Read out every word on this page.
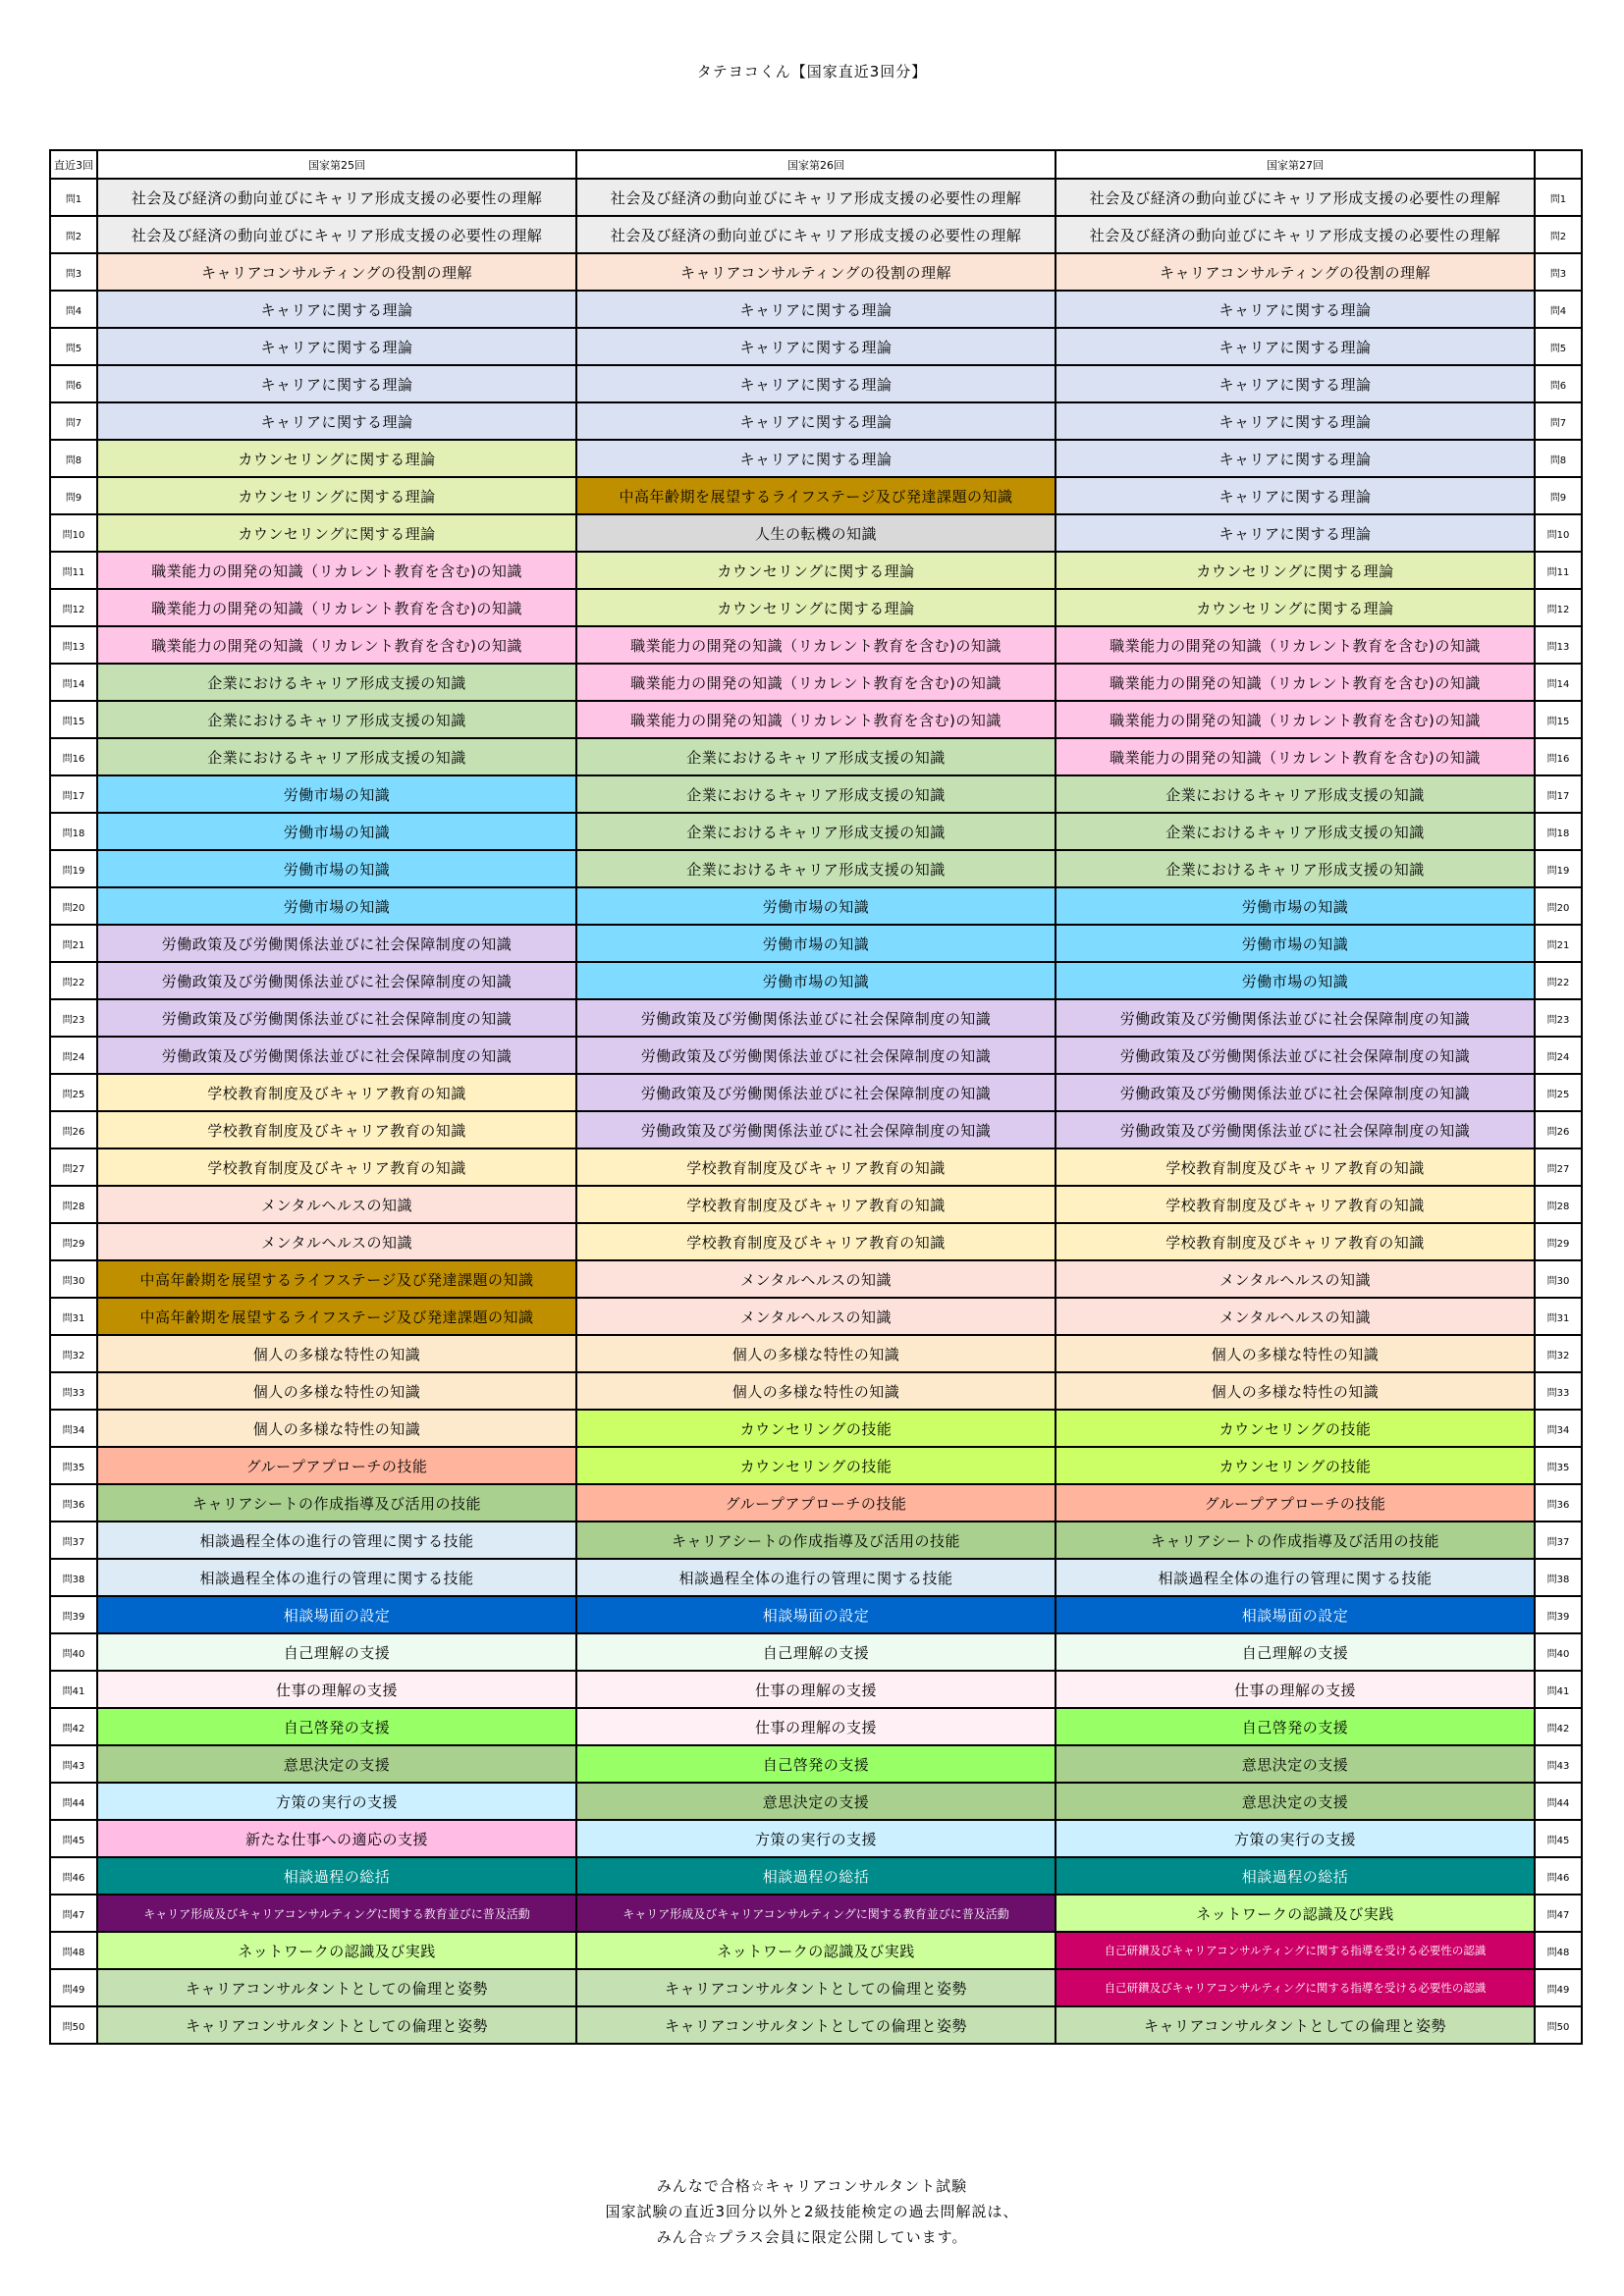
タテヨコくん【国家直近3回分】
直近3回	国家第25回	国家第26回	国家第27回	
問1	社会及び経済の動向並びにキャリア形成支援の必要性の理解	社会及び経済の動向並びにキャリア形成支援の必要性の理解	社会及び経済の動向並びにキャリア形成支援の必要性の理解	問1
問2	社会及び経済の動向並びにキャリア形成支援の必要性の理解	社会及び経済の動向並びにキャリア形成支援の必要性の理解	社会及び経済の動向並びにキャリア形成支援の必要性の理解	問2
問3	キャリアコンサルティングの役割の理解	キャリアコンサルティングの役割の理解	キャリアコンサルティングの役割の理解	問3
問4	キャリアに関する理論	キャリアに関する理論	キャリアに関する理論	問4
問5	キャリアに関する理論	キャリアに関する理論	キャリアに関する理論	問5
問6	キャリアに関する理論	キャリアに関する理論	キャリアに関する理論	問6
問7	キャリアに関する理論	キャリアに関する理論	キャリアに関する理論	問7
問8	カウンセリングに関する理論	キャリアに関する理論	キャリアに関する理論	問8
問9	カウンセリングに関する理論	中高年齢期を展望するライフステージ及び発達課題の知識	キャリアに関する理論	問9
問10	カウンセリングに関する理論	人生の転機の知識	キャリアに関する理論	問10
問11	職業能力の開発の知識（リカレント教育を含む)の知識	カウンセリングに関する理論	カウンセリングに関する理論	問11
問12	職業能力の開発の知識（リカレント教育を含む)の知識	カウンセリングに関する理論	カウンセリングに関する理論	問12
問13	職業能力の開発の知識（リカレント教育を含む)の知識	職業能力の開発の知識（リカレント教育を含む)の知識	職業能力の開発の知識（リカレント教育を含む)の知識	問13
問14	企業におけるキャリア形成支援の知識	職業能力の開発の知識（リカレント教育を含む)の知識	職業能力の開発の知識（リカレント教育を含む)の知識	問14
問15	企業におけるキャリア形成支援の知識	職業能力の開発の知識（リカレント教育を含む)の知識	職業能力の開発の知識（リカレント教育を含む)の知識	問15
問16	企業におけるキャリア形成支援の知識	企業におけるキャリア形成支援の知識	職業能力の開発の知識（リカレント教育を含む)の知識	問16
問17	労働市場の知識	企業におけるキャリア形成支援の知識	企業におけるキャリア形成支援の知識	問17
問18	労働市場の知識	企業におけるキャリア形成支援の知識	企業におけるキャリア形成支援の知識	問18
問19	労働市場の知識	企業におけるキャリア形成支援の知識	企業におけるキャリア形成支援の知識	問19
問20	労働市場の知識	労働市場の知識	労働市場の知識	問20
問21	労働政策及び労働関係法並びに社会保障制度の知識	労働市場の知識	労働市場の知識	問21
問22	労働政策及び労働関係法並びに社会保障制度の知識	労働市場の知識	労働市場の知識	問22
問23	労働政策及び労働関係法並びに社会保障制度の知識	労働政策及び労働関係法並びに社会保障制度の知識	労働政策及び労働関係法並びに社会保障制度の知識	問23
問24	労働政策及び労働関係法並びに社会保障制度の知識	労働政策及び労働関係法並びに社会保障制度の知識	労働政策及び労働関係法並びに社会保障制度の知識	問24
問25	学校教育制度及びキャリア教育の知識	労働政策及び労働関係法並びに社会保障制度の知識	労働政策及び労働関係法並びに社会保障制度の知識	問25
問26	学校教育制度及びキャリア教育の知識	労働政策及び労働関係法並びに社会保障制度の知識	労働政策及び労働関係法並びに社会保障制度の知識	問26
問27	学校教育制度及びキャリア教育の知識	学校教育制度及びキャリア教育の知識	学校教育制度及びキャリア教育の知識	問27
問28	メンタルヘルスの知識	学校教育制度及びキャリア教育の知識	学校教育制度及びキャリア教育の知識	問28
問29	メンタルヘルスの知識	学校教育制度及びキャリア教育の知識	学校教育制度及びキャリア教育の知識	問29
問30	中高年齢期を展望するライフステージ及び発達課題の知識	メンタルヘルスの知識	メンタルヘルスの知識	問30
問31	中高年齢期を展望するライフステージ及び発達課題の知識	メンタルヘルスの知識	メンタルヘルスの知識	問31
問32	個人の多様な特性の知識	個人の多様な特性の知識	個人の多様な特性の知識	問32
問33	個人の多様な特性の知識	個人の多様な特性の知識	個人の多様な特性の知識	問33
問34	個人の多様な特性の知識	カウンセリングの技能	カウンセリングの技能	問34
問35	グループアプローチの技能	カウンセリングの技能	カウンセリングの技能	問35
問36	キャリアシートの作成指導及び活用の技能	グループアプローチの技能	グループアプローチの技能	問36
問37	相談過程全体の進行の管理に関する技能	キャリアシートの作成指導及び活用の技能	キャリアシートの作成指導及び活用の技能	問37
問38	相談過程全体の進行の管理に関する技能	相談過程全体の進行の管理に関する技能	相談過程全体の進行の管理に関する技能	問38
問39	相談場面の設定	相談場面の設定	相談場面の設定	問39
問40	自己理解の支援	自己理解の支援	自己理解の支援	問40
問41	仕事の理解の支援	仕事の理解の支援	仕事の理解の支援	問41
問42	自己啓発の支援	仕事の理解の支援	自己啓発の支援	問42
問43	意思決定の支援	自己啓発の支援	意思決定の支援	問43
問44	方策の実行の支援	意思決定の支援	意思決定の支援	問44
問45	新たな仕事への適応の支援	方策の実行の支援	方策の実行の支援	問45
問46	相談過程の総括	相談過程の総括	相談過程の総括	問46
問47	キャリア形成及びキャリアコンサルティングに関する教育並びに普及活動	キャリア形成及びキャリアコンサルティングに関する教育並びに普及活動	ネットワークの認識及び実践	問47
問48	ネットワークの認識及び実践	ネットワークの認識及び実践	自己研鑽及びキャリアコンサルティングに関する指導を受ける必要性の認識	問48
問49	キャリアコンサルタントとしての倫理と姿勢	キャリアコンサルタントとしての倫理と姿勢	自己研鑽及びキャリアコンサルティングに関する指導を受ける必要性の認識	問49
問50	キャリアコンサルタントとしての倫理と姿勢	キャリアコンサルタントとしての倫理と姿勢	キャリアコンサルタントとしての倫理と姿勢	問50
みんなで合格☆キャリアコンサルタント試験
国家試験の直近3回分以外と2級技能検定の過去問解説は、
みん合☆プラス会員に限定公開しています。
